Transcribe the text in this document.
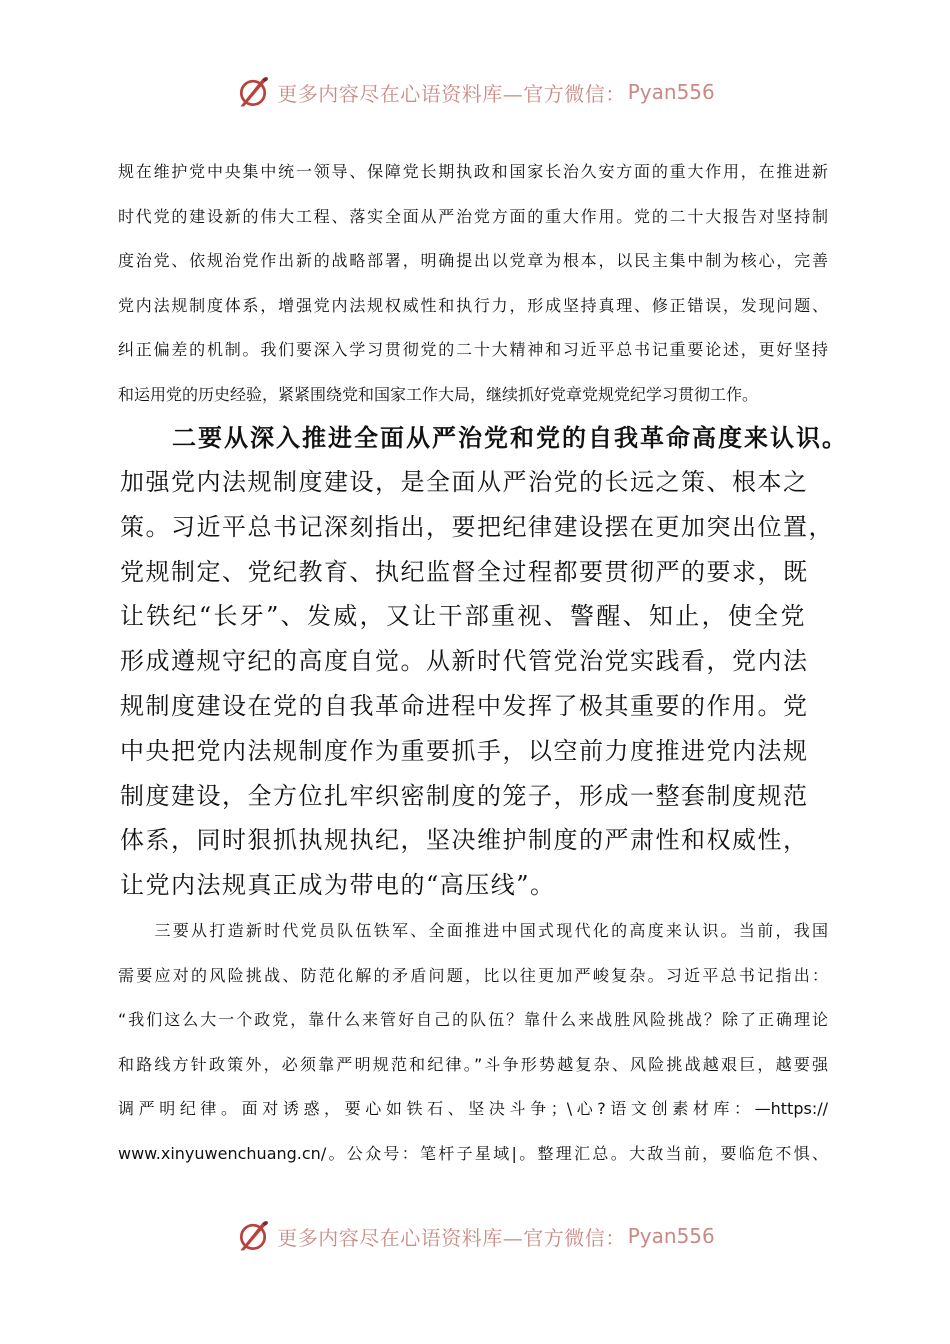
更多内容尽在心语资料库—官方微信： Pyan556
规在维护党中央集中统一领导、保障党长期执政和国家长治久安方面的重大作用，在推进新
时代党的建设新的伟大工程、落实全面从严治党方面的重大作用。党的二十大报告对坚持制
度治党、依规治党作出新的战略部署，明确提出以党章为根本，以民主集中制为核心，完善
党内法规制度体系，增强党内法规权威性和执行力，形成坚持真理、修正错误，发现问题、
纠正偏差的机制。我们要深入学习贯彻党的二十大精神和习近平总书记重要论述，更好坚持
和运用党的历史经验，紧紧围绕党和国家工作大局，继续抓好党章党规党纪学习贯彻工作。
二要从深入推进全面从严治党和党的自我革命高度来认识。
加强党内法规制度建设，是全面从严治党的长远之策、根本之
策。习近平总书记深刻指出，要把纪律建设摆在更加突出位置，
党规制定、党纪教育、执纪监督全过程都要贯彻严的要求，既
让铁纪“长牙”、发威，又让干部重视、警醒、知止，使全党
形成遵规守纪的高度自觉。从新时代管党治党实践看，党内法
规制度建设在党的自我革命进程中发挥了极其重要的作用。党
中央把党内法规制度作为重要抓手，以空前力度推进党内法规
制度建设，全方位扎牢织密制度的笼子，形成一整套制度规范
体系，同时狠抓执规执纪，坚决维护制度的严肃性和权威性，
让党内法规真正成为带电的“高压线”。
　　三要从打造新时代党员队伍铁军、全面推进中国式现代化的高度来认识。当前，我国
需要应对的风险挑战、防范化解的矛盾问题，比以往更加严峻复杂。习近平总书记指出：
“我们这么大一个政党，靠什么来管好自己的队伍？靠什么来战胜风险挑战？除了正确理论
和路线方针政策外，必须靠严明规范和纪律。”斗争形势越复杂、风险挑战越艰巨，越要强
调严明纪律。面对诱惑，要心如铁石、坚决斗争；\心?语文创素材库：—https://
www.xinyuwenchuang.cn/。公众号：笔杆子星域|。整理汇总。大敌当前，要临危不惧、
更多内容尽在心语资料库—官方微信： Pyan556
